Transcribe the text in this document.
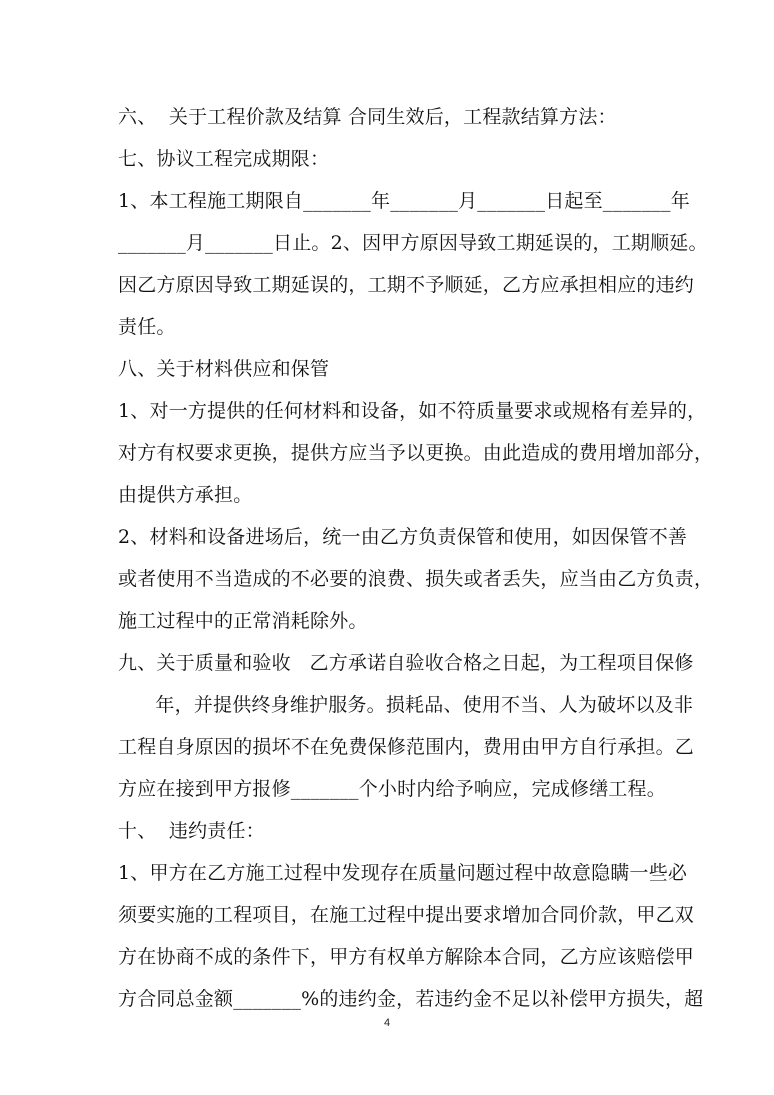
六、  关于工程价款及结算 合同生效后，工程款结算方法：
七、协议工程完成期限：
1、本工程施工期限自_______年_______月_______日起至_______年
_______月_______日止。2、因甲方原因导致工期延误的，工期顺延。
因乙方原因导致工期延误的，工期不予顺延，乙方应承担相应的违约
责任。
八、关于材料供应和保管
1、对一方提供的任何材料和设备，如不符质量要求或规格有差异的，
对方有权要求更换，提供方应当予以更换。由此造成的费用增加部分，
由提供方承担。
2、材料和设备进场后，统一由乙方负责保管和使用，如因保管不善
或者使用不当造成的不必要的浪费、损失或者丢失，应当由乙方负责，
施工过程中的正常消耗除外。
九、关于质量和验收   乙方承诺自验收合格之日起，为工程项目保修
年，并提供终身维护服务。损耗品、使用不当、人为破坏以及非
工程自身原因的损坏不在免费保修范围内，费用由甲方自行承担。乙
方应在接到甲方报修_______个小时内给予响应，完成修缮工程。
十、  违约责任：
1、甲方在乙方施工过程中发现存在质量问题过程中故意隐瞒一些必
须要实施的工程项目，在施工过程中提出要求增加合同价款，甲乙双
方在协商不成的条件下，甲方有权单方解除本合同，乙方应该赔偿甲
方合同总金额_______%的违约金，若违约金不足以补偿甲方损失，超
4
